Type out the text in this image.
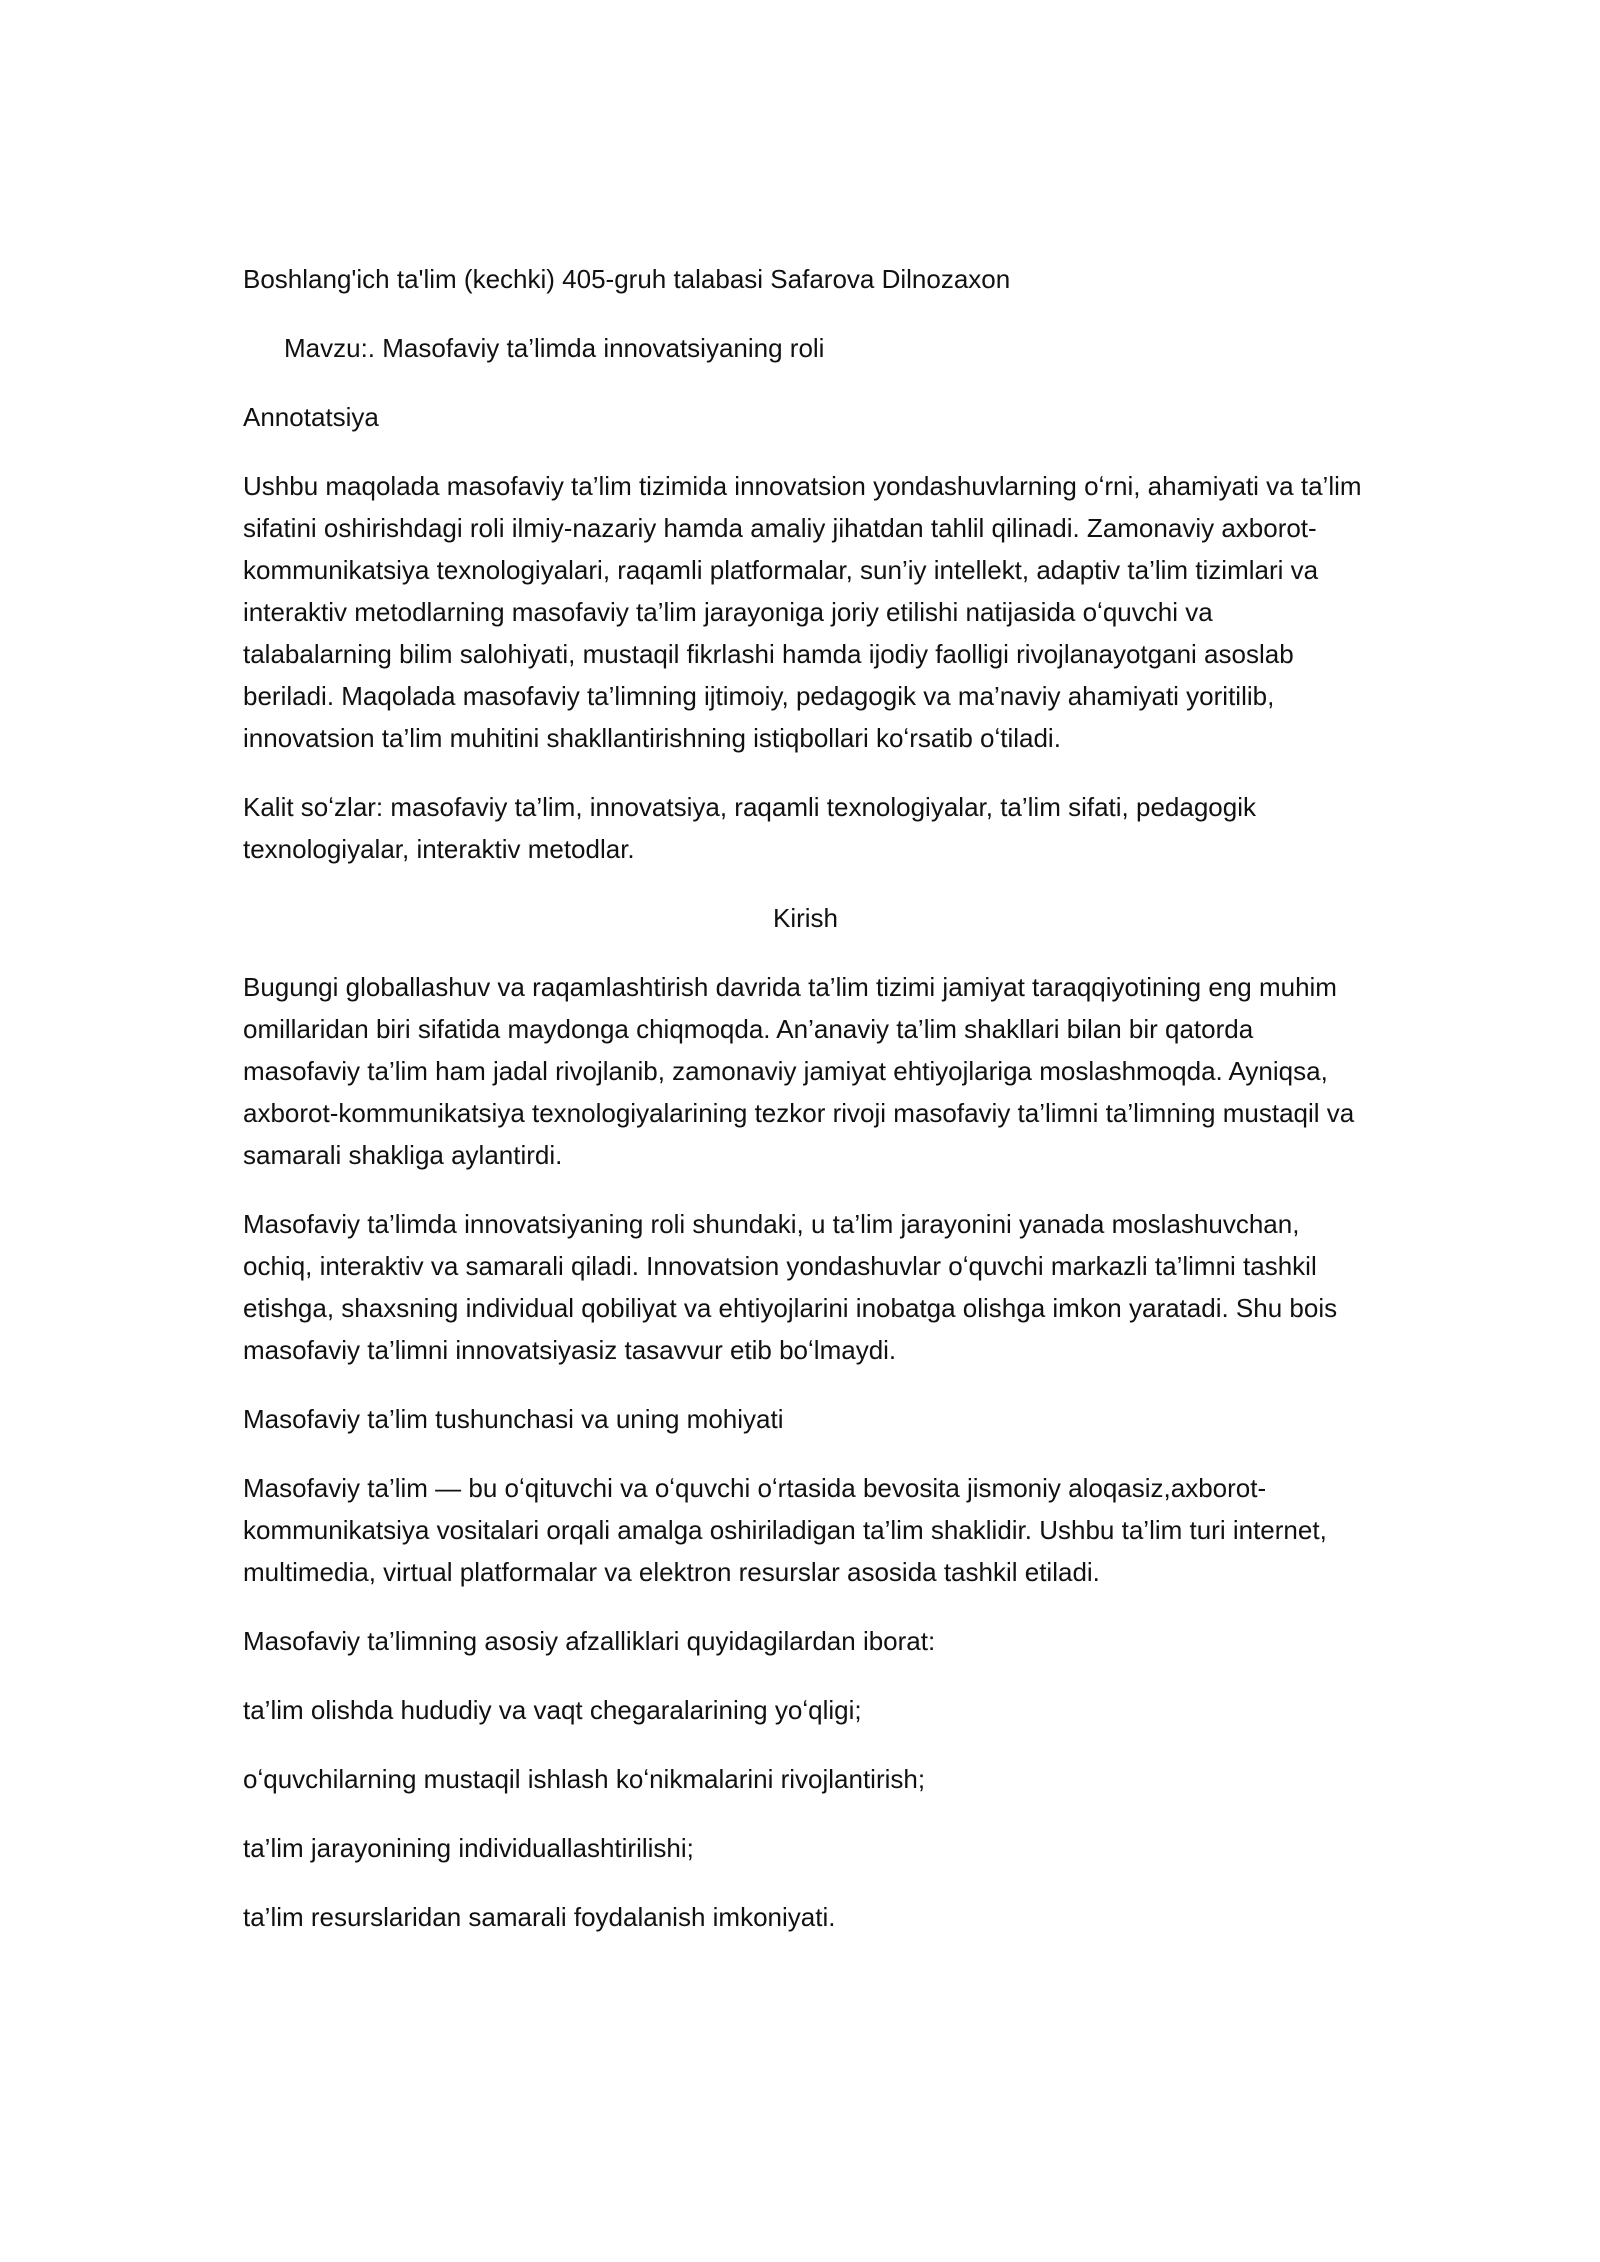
Boshlang'ich ta'lim (kechki) 405-gruh talabasi Safarova Dilnozaxon

Mavzu:. Masofaviy ta’limda innovatsiyaning roli

Annotatsiya

Ushbu maqolada masofaviy ta’lim tizimida innovatsion yondashuvlarning oʻrni, ahamiyati va ta’lim sifatini oshirishdagi roli ilmiy-nazariy hamda amaliy jihatdan tahlil qilinadi. Zamonaviy axborot-kommunikatsiya texnologiyalari, raqamli platformalar, sun’iy intellekt, adaptiv ta’lim tizimlari va interaktiv metodlarning masofaviy ta’lim jarayoniga joriy etilishi natijasida oʻquvchi va talabalarning bilim salohiyati, mustaqil fikrlashi hamda ijodiy faolligi rivojlanayotgani asoslab beriladi. Maqolada masofaviy ta’limning ijtimoiy, pedagogik va ma’naviy ahamiyati yoritilib, innovatsion ta’lim muhitini shakllantirishning istiqbollari koʻrsatib oʻtiladi.

Kalit soʻzlar: masofaviy ta’lim, innovatsiya, raqamli texnologiyalar, ta’lim sifati, pedagogik texnologiyalar, interaktiv metodlar.

Kirish

Bugungi globallashuv va raqamlashtirish davrida ta’lim tizimi jamiyat taraqqiyotining eng muhim omillaridan biri sifatida maydonga chiqmoqda. An’anaviy ta’lim shakllari bilan bir qatorda masofaviy ta’lim ham jadal rivojlanib, zamonaviy jamiyat ehtiyojlariga moslashmoqda. Ayniqsa, axborot-kommunikatsiya texnologiyalarining tezkor rivoji masofaviy ta’limni ta’limning mustaqil va samarali shakliga aylantirdi.

Masofaviy ta’limda innovatsiyaning roli shundaki, u ta’lim jarayonini yanada moslashuvchan, ochiq, interaktiv va samarali qiladi. Innovatsion yondashuvlar oʻquvchi markazli ta’limni tashkil etishga, shaxsning individual qobiliyat va ehtiyojlarini inobatga olishga imkon yaratadi. Shu bois masofaviy ta’limni innovatsiyasiz tasavvur etib boʻlmaydi.

Masofaviy ta’lim tushunchasi va uning mohiyati

Masofaviy ta’lim — bu oʻqituvchi va oʻquvchi oʻrtasida bevosita jismoniy aloqasiz,axborot-kommunikatsiya vositalari orqali amalga oshiriladigan ta’lim shaklidir. Ushbu ta’lim turi internet, multimedia, virtual platformalar va elektron resurslar asosida tashkil etiladi.

Masofaviy ta’limning asosiy afzalliklari quyidagilardan iborat:

ta’lim olishda hududiy va vaqt chegaralarining yoʻqligi;

oʻquvchilarning mustaqil ishlash koʻnikmalarini rivojlantirish;

ta’lim jarayonining individuallashtirilishi;

ta’lim resurslaridan samarali foydalanish imkoniyati.
